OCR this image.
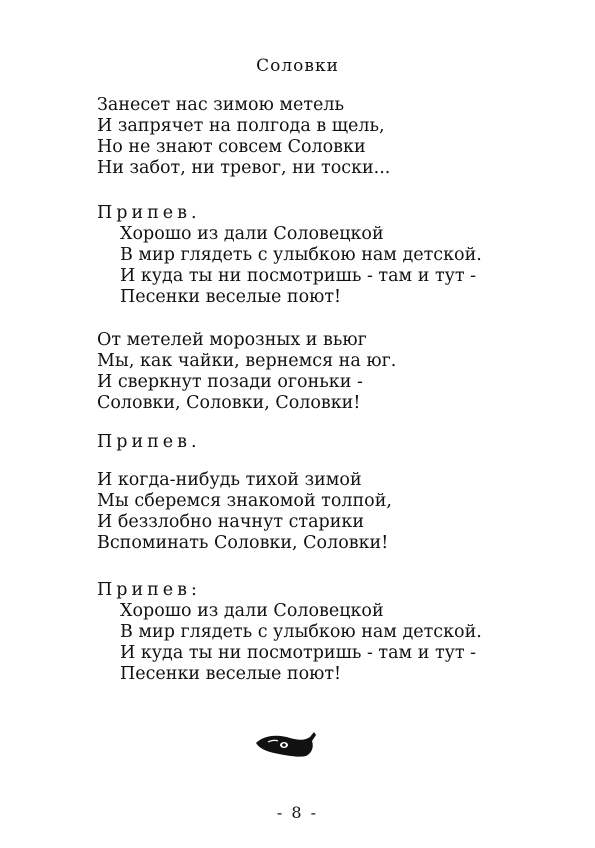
Соловки
Занесет нас зимою метель
И запрячет на полгода в щель,
Но не знают совсем Соловки
Ни забот, ни тревог, ни тоски...
Припев.
Хорошо из дали Соловецкой
В мир глядеть с улыбкою нам детской.
И куда ты ни посмотришь - там и тут -
Песенки веселые поют!
От метелей морозных и вьюг
Мы, как чайки, вернемся на юг.
И сверкнут позади огоньки -
Соловки, Соловки, Соловки!
Припев.
И когда-нибудь тихой зимой
Мы сберемся знакомой толпой,
И беззлобно начнут старики
Вспоминать Соловки, Соловки!
Припев:
Хорошо из дали Соловецкой
В мир глядеть с улыбкою нам детской.
И куда ты ни посмотришь - там и тут -
Песенки веселые поют!
- 8 -
